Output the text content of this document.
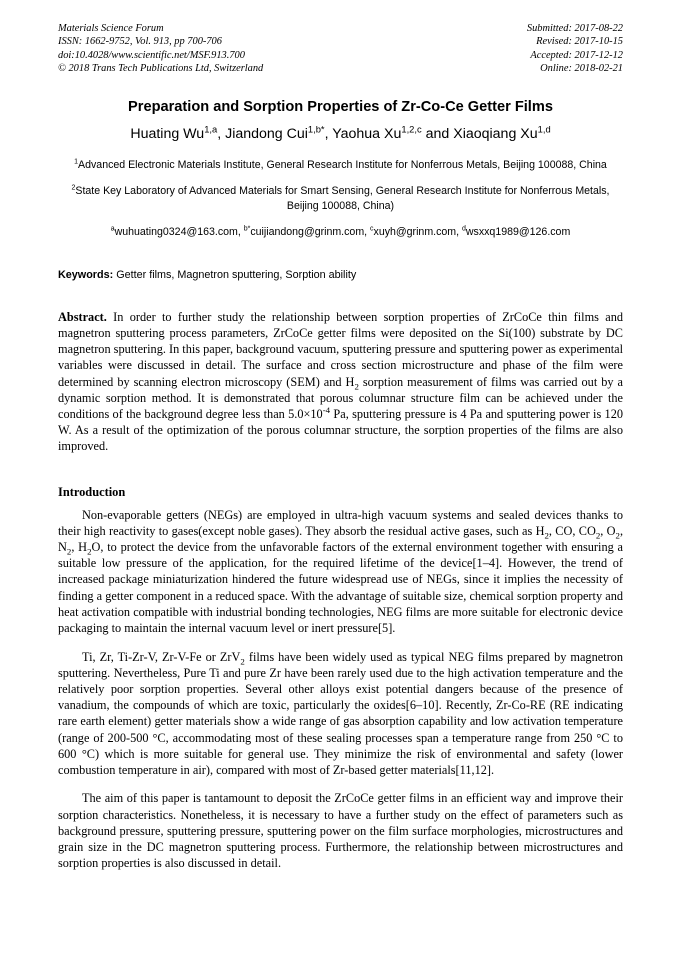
Materials Science Forum
ISSN: 1662-9752, Vol. 913, pp 700-706
doi:10.4028/www.scientific.net/MSF.913.700
© 2018 Trans Tech Publications Ltd, Switzerland
Submitted: 2017-08-22
Revised: 2017-10-15
Accepted: 2017-12-12
Online: 2018-02-21
Preparation and Sorption Properties of Zr-Co-Ce Getter Films
Huating Wu$^{1,a}$, Jiandong Cui$^{1,b*}$, Yaohua Xu$^{1,2,c}$ and Xiaoqiang Xu$^{1,d}$
$^1$Advanced Electronic Materials Institute, General Research Institute for Nonferrous Metals, Beijing 100088, China
$^2$State Key Laboratory of Advanced Materials for Smart Sensing, General Research Institute for Nonferrous Metals, Beijing 100088, China)
$^a$wuhuating0324@163.com, $^{b*}$cuijiandong@grinm.com, $^c$xuyh@grinm.com, $^d$wsxxq1989@126.com
Keywords: Getter films, Magnetron sputtering, Sorption ability
Abstract. In order to further study the relationship between sorption properties of ZrCoCe thin films and magnetron sputtering process parameters, ZrCoCe getter films were deposited on the Si(100) substrate by DC magnetron sputtering. In this paper, background vacuum, sputtering pressure and sputtering power as experimental variables were discussed in detail. The surface and cross section microstructure and phase of the film were determined by scanning electron microscopy (SEM) and $H_2$ sorption measurement of films was carried out by a dynamic sorption method. It is demonstrated that porous columnar structure film can be achieved under the conditions of the background degree less than $5.0\times 10^{-4}$ Pa, sputtering pressure is 4 Pa and sputtering power is 120 W. As a result of the optimization of the porous columnar structure, the sorption properties of the films are also improved.
Introduction

Non-evaporable getters (NEGs) are employed in ultra-high vacuum systems and sealed devices thanks to their high reactivity to gases(except noble gases). They absorb the residual active gases, such as $H_2$, CO, $CO_2$, $O_2$, $N_2$, $H_2O$, to protect the device from the unfavorable factors of the external environment together with ensuring a suitable low pressure of the application, for the required lifetime of the device[1–4]. However, the trend of increased package miniaturization hindered the future widespread use of NEGs, since it implies the necessity of finding a getter component in a reduced space. With the advantage of suitable size, chemical sorption property and heat activation compatible with industrial bonding technologies, NEG films are more suitable for electronic device packaging to maintain the internal vacuum level or inert pressure[5].

Ti, Zr, Ti-Zr-V, Zr-V-Fe or ZrV$_2$ films have been widely used as typical NEG films prepared by magnetron sputtering. Nevertheless, Pure Ti and pure Zr have been rarely used due to the high activation temperature and the relatively poor sorption properties. Several other alloys exist potential dangers because of the presence of vanadium, the compounds of which are toxic, particularly the oxides[6–10]. Recently, Zr-Co-RE (RE indicating rare earth element) getter materials show a wide range of gas absorption capability and low activation temperature (range of 200-500 °C, accommodating most of these sealing processes span a temperature range from 250 °C to 600 °C) which is more suitable for general use. They minimize the risk of environmental and safety (lower combustion temperature in air), compared with most of Zr-based getter materials[11,12].

The aim of this paper is tantamount to deposit the ZrCoCe getter films in an efficient way and improve their sorption characteristics. Nonetheless, it is necessary to have a further study on the effect of parameters such as background pressure, sputtering pressure, sputtering power on the film surface morphologies, microstructures and grain size in the DC magnetron sputtering process. Furthermore, the relationship between microstructures and sorption properties is also discussed in detail.
